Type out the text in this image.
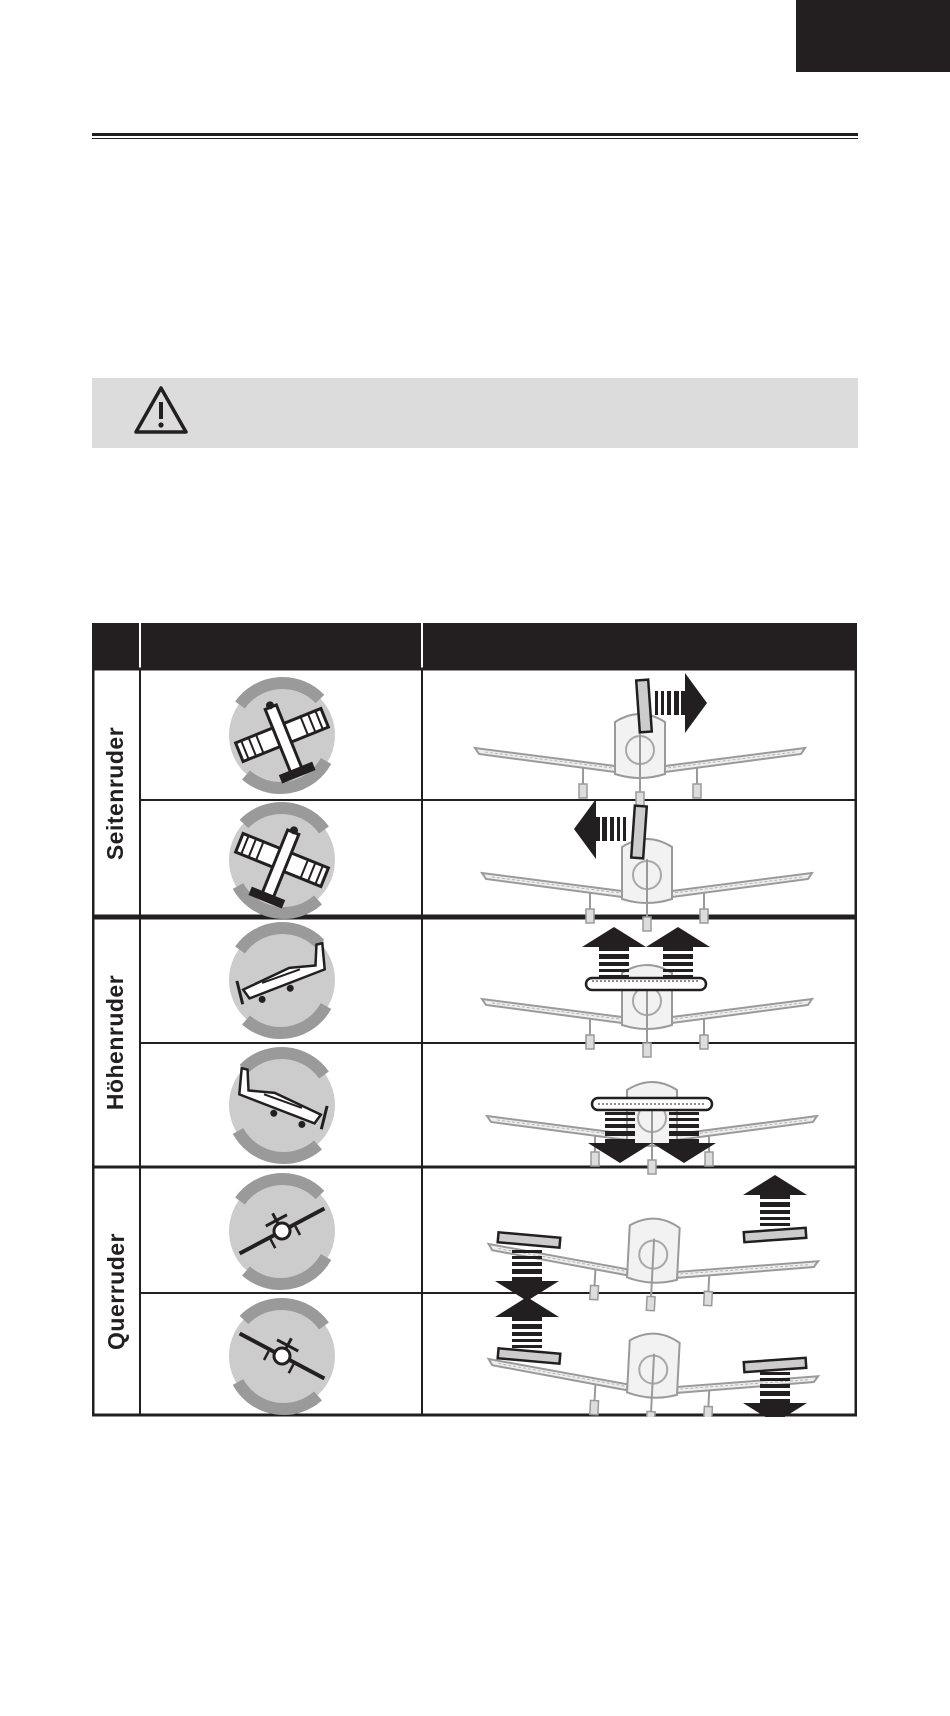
Seitenruder
Höhenruder
Querruder
